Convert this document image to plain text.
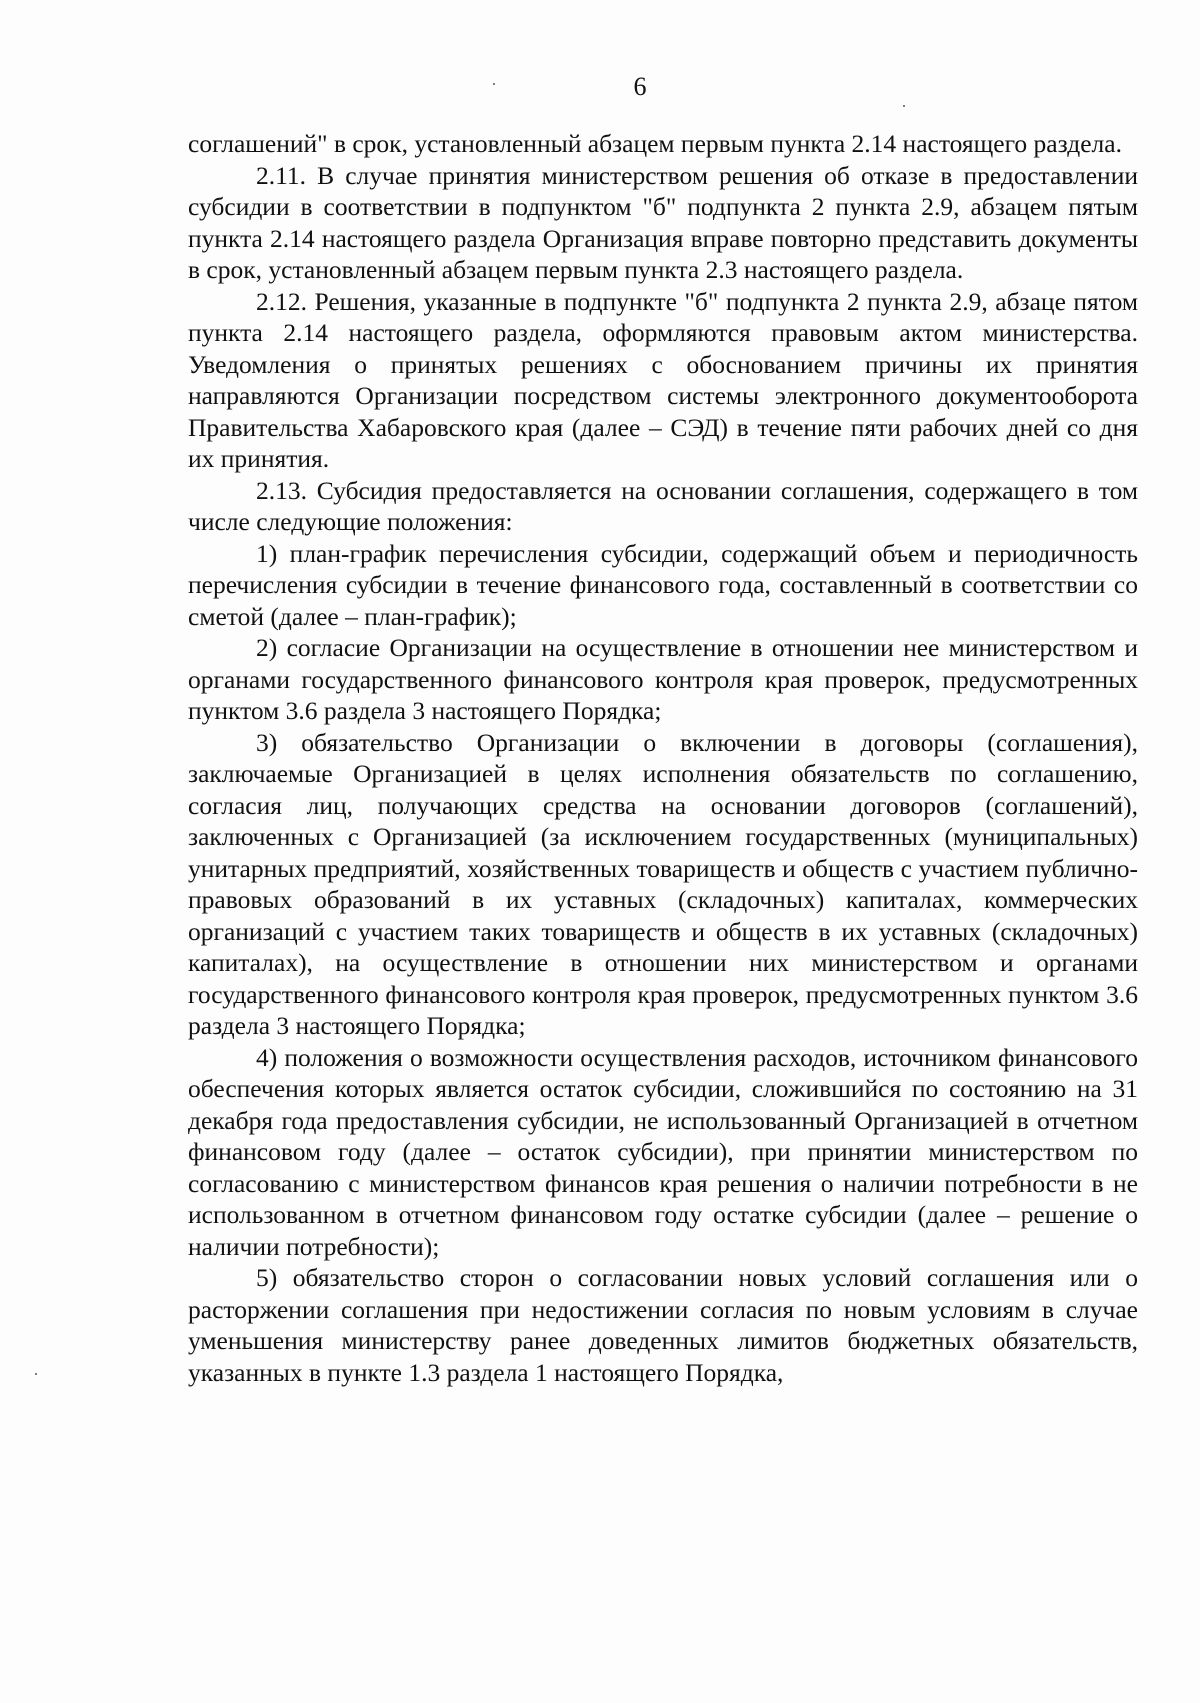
6

соглашений" в срок, установленный абзацем первым пункта 2.14 настоящего раздела.

2.11. В случае принятия министерством решения об отказе в предоставлении субсидии в соответствии в подпунктом "б" подпункта 2 пункта 2.9, абзацем пятым пункта 2.14 настоящего раздела Организация вправе повторно представить документы в срок, установленный абзацем первым пункта 2.3 настоящего раздела.

2.12. Решения, указанные в подпункте "б" подпункта 2 пункта 2.9, абзаце пятом пункта 2.14 настоящего раздела, оформляются правовым актом министерства. Уведомления о принятых решениях с обоснованием причины их принятия направляются Организации посредством системы электронного документооборота Правительства Хабаровского края (далее – СЭД) в течение пяти рабочих дней со дня их принятия.

2.13. Субсидия предоставляется на основании соглашения, содержащего в том числе следующие положения:

1) план-график перечисления субсидии, содержащий объем и периодичность перечисления субсидии в течение финансового года, составленный в соответствии со сметой (далее – план-график);

2) согласие Организации на осуществление в отношении нее министерством и органами государственного финансового контроля края проверок, предусмотренных пунктом 3.6 раздела 3 настоящего Порядка;

3) обязательство Организации о включении в договоры (соглашения), заключаемые Организацией в целях исполнения обязательств по соглашению, согласия лиц, получающих средства на основании договоров (соглашений), заключенных с Организацией (за исключением государственных (муниципальных) унитарных предприятий, хозяйственных товариществ и обществ с участием публично-правовых образований в их уставных (складочных) капиталах, коммерческих организаций с участием таких товариществ и обществ в их уставных (складочных) капиталах), на осуществление в отношении них министерством и органами государственного финансового контроля края проверок, предусмотренных пунктом 3.6 раздела 3 настоящего Порядка;

4) положения о возможности осуществления расходов, источником финансового обеспечения которых является остаток субсидии, сложившийся по состоянию на 31 декабря года предоставления субсидии, не использованный Организацией в отчетном финансовом году (далее – остаток субсидии), при принятии министерством по согласованию с министерством финансов края решения о наличии потребности в не использованном в отчетном финансовом году остатке субсидии (далее – решение о наличии потребности);

5) обязательство сторон о согласовании новых условий соглашения или о расторжении соглашения при недостижении согласия по новым условиям в случае уменьшения министерству ранее доведенных лимитов бюджетных обязательств, указанных в пункте 1.3 раздела 1 настоящего Порядка,
